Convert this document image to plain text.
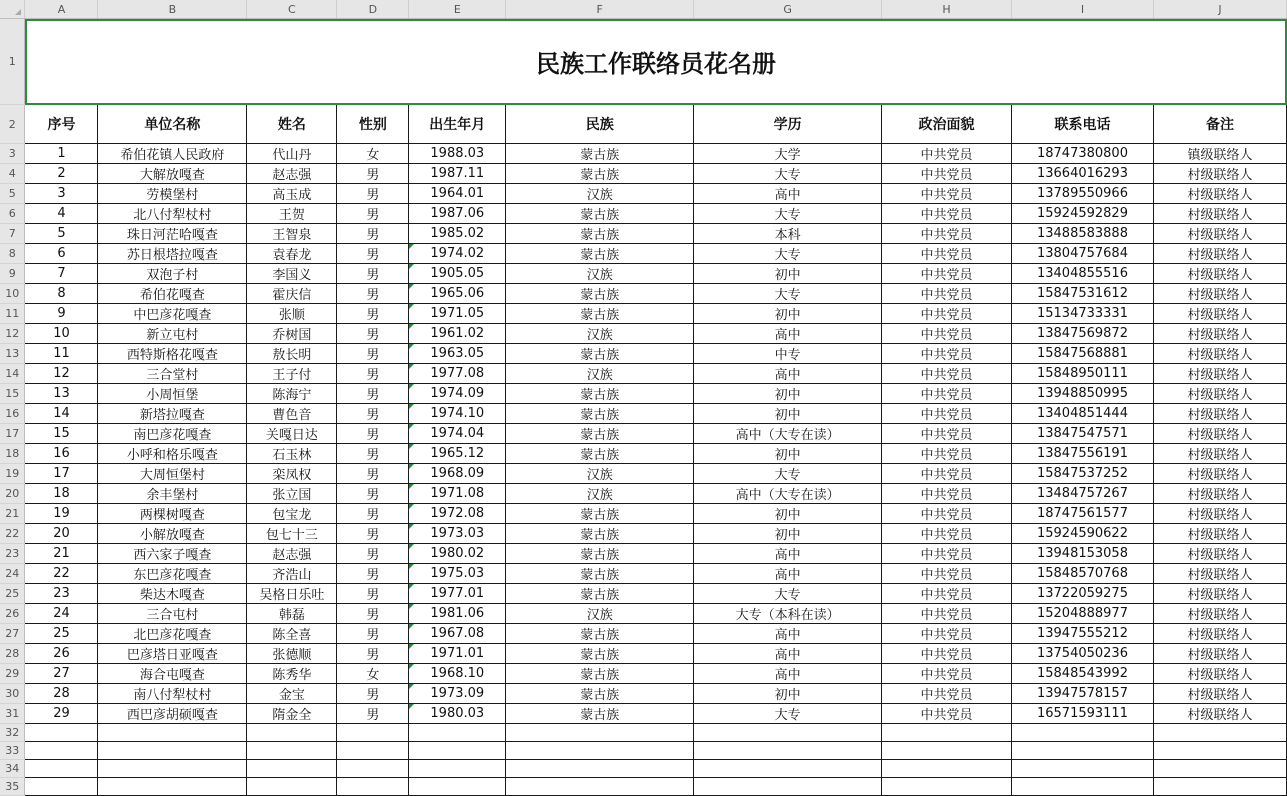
	A	B	C	D	E	F	G	H	I	J
1	民族工作联络员花名册									
2	序号	单位名称	姓名	性别	出生年月	民族	学历	政治面貌	联系电话	备注
3	1	希伯花镇人民政府	代山丹	女	1988.03	蒙古族	大学	中共党员	18747380800	镇级联络人
4	2	大解放嘎查	赵志强	男	1987.11	蒙古族	大专	中共党员	13664016293	村级联络人
5	3	劳模堡村	高玉成	男	1964.01	汉族	高中	中共党员	13789550966	村级联络人
6	4	北八付犁杖村	王贺	男	1987.06	蒙古族	大专	中共党员	15924592829	村级联络人
7	5	珠日河茫哈嘎查	王智泉	男	1985.02	蒙古族	本科	中共党员	13488583888	村级联络人
8	6	苏日根塔拉嘎查	袁春龙	男	1974.02	蒙古族	大专	中共党员	13804757684	村级联络人
9	7	双泡子村	李国义	男	1905.05	汉族	初中	中共党员	13404855516	村级联络人
10	8	希伯花嘎查	霍庆信	男	1965.06	蒙古族	大专	中共党员	15847531612	村级联络人
11	9	中巴彦花嘎查	张顺	男	1971.05	蒙古族	初中	中共党员	15134733331	村级联络人
12	10	新立屯村	乔树国	男	1961.02	汉族	高中	中共党员	13847569872	村级联络人
13	11	西特斯格花嘎查	敖长明	男	1963.05	蒙古族	中专	中共党员	15847568881	村级联络人
14	12	三合堂村	王子付	男	1977.08	汉族	高中	中共党员	15848950111	村级联络人
15	13	小周恒堡	陈海宁	男	1974.09	蒙古族	初中	中共党员	13948850995	村级联络人
16	14	新塔拉嘎查	曹色音	男	1974.10	蒙古族	初中	中共党员	13404851444	村级联络人
17	15	南巴彦花嘎查	关嘎日达	男	1974.04	蒙古族	高中（大专在读）	中共党员	13847547571	村级联络人
18	16	小呼和格乐嘎查	石玉林	男	1965.12	蒙古族	初中	中共党员	13847556191	村级联络人
19	17	大周恒堡村	栾凤权	男	1968.09	汉族	大专	中共党员	15847537252	村级联络人
20	18	余丰堡村	张立国	男	1971.08	汉族	高中（大专在读）	中共党员	13484757267	村级联络人
21	19	两棵树嘎查	包宝龙	男	1972.08	蒙古族	初中	中共党员	18747561577	村级联络人
22	20	小解放嘎查	包七十三	男	1973.03	蒙古族	初中	中共党员	15924590622	村级联络人
23	21	西六家子嘎查	赵志强	男	1980.02	蒙古族	高中	中共党员	13948153058	村级联络人
24	22	东巴彦花嘎查	齐浩山	男	1975.03	蒙古族	高中	中共党员	15848570768	村级联络人
25	23	柴达木嘎查	吴格日乐吐	男	1977.01	蒙古族	大专	中共党员	13722059275	村级联络人
26	24	三合屯村	韩磊	男	1981.06	汉族	大专（本科在读）	中共党员	15204888977	村级联络人
27	25	北巴彦花嘎查	陈全喜	男	1967.08	蒙古族	高中	中共党员	13947555212	村级联络人
28	26	巴彦塔日亚嘎查	张德顺	男	1971.01	蒙古族	高中	中共党员	13754050236	村级联络人
29	27	海合屯嘎查	陈秀华	女	1968.10	蒙古族	高中	中共党员	15848543992	村级联络人
30	28	南八付犁杖村	金宝	男	1973.09	蒙古族	初中	中共党员	13947578157	村级联络人
31	29	西巴彦胡硕嘎查	隋金全	男	1980.03	蒙古族	大专	中共党员	16571593111	村级联络人
32										
33										
34										
35										
